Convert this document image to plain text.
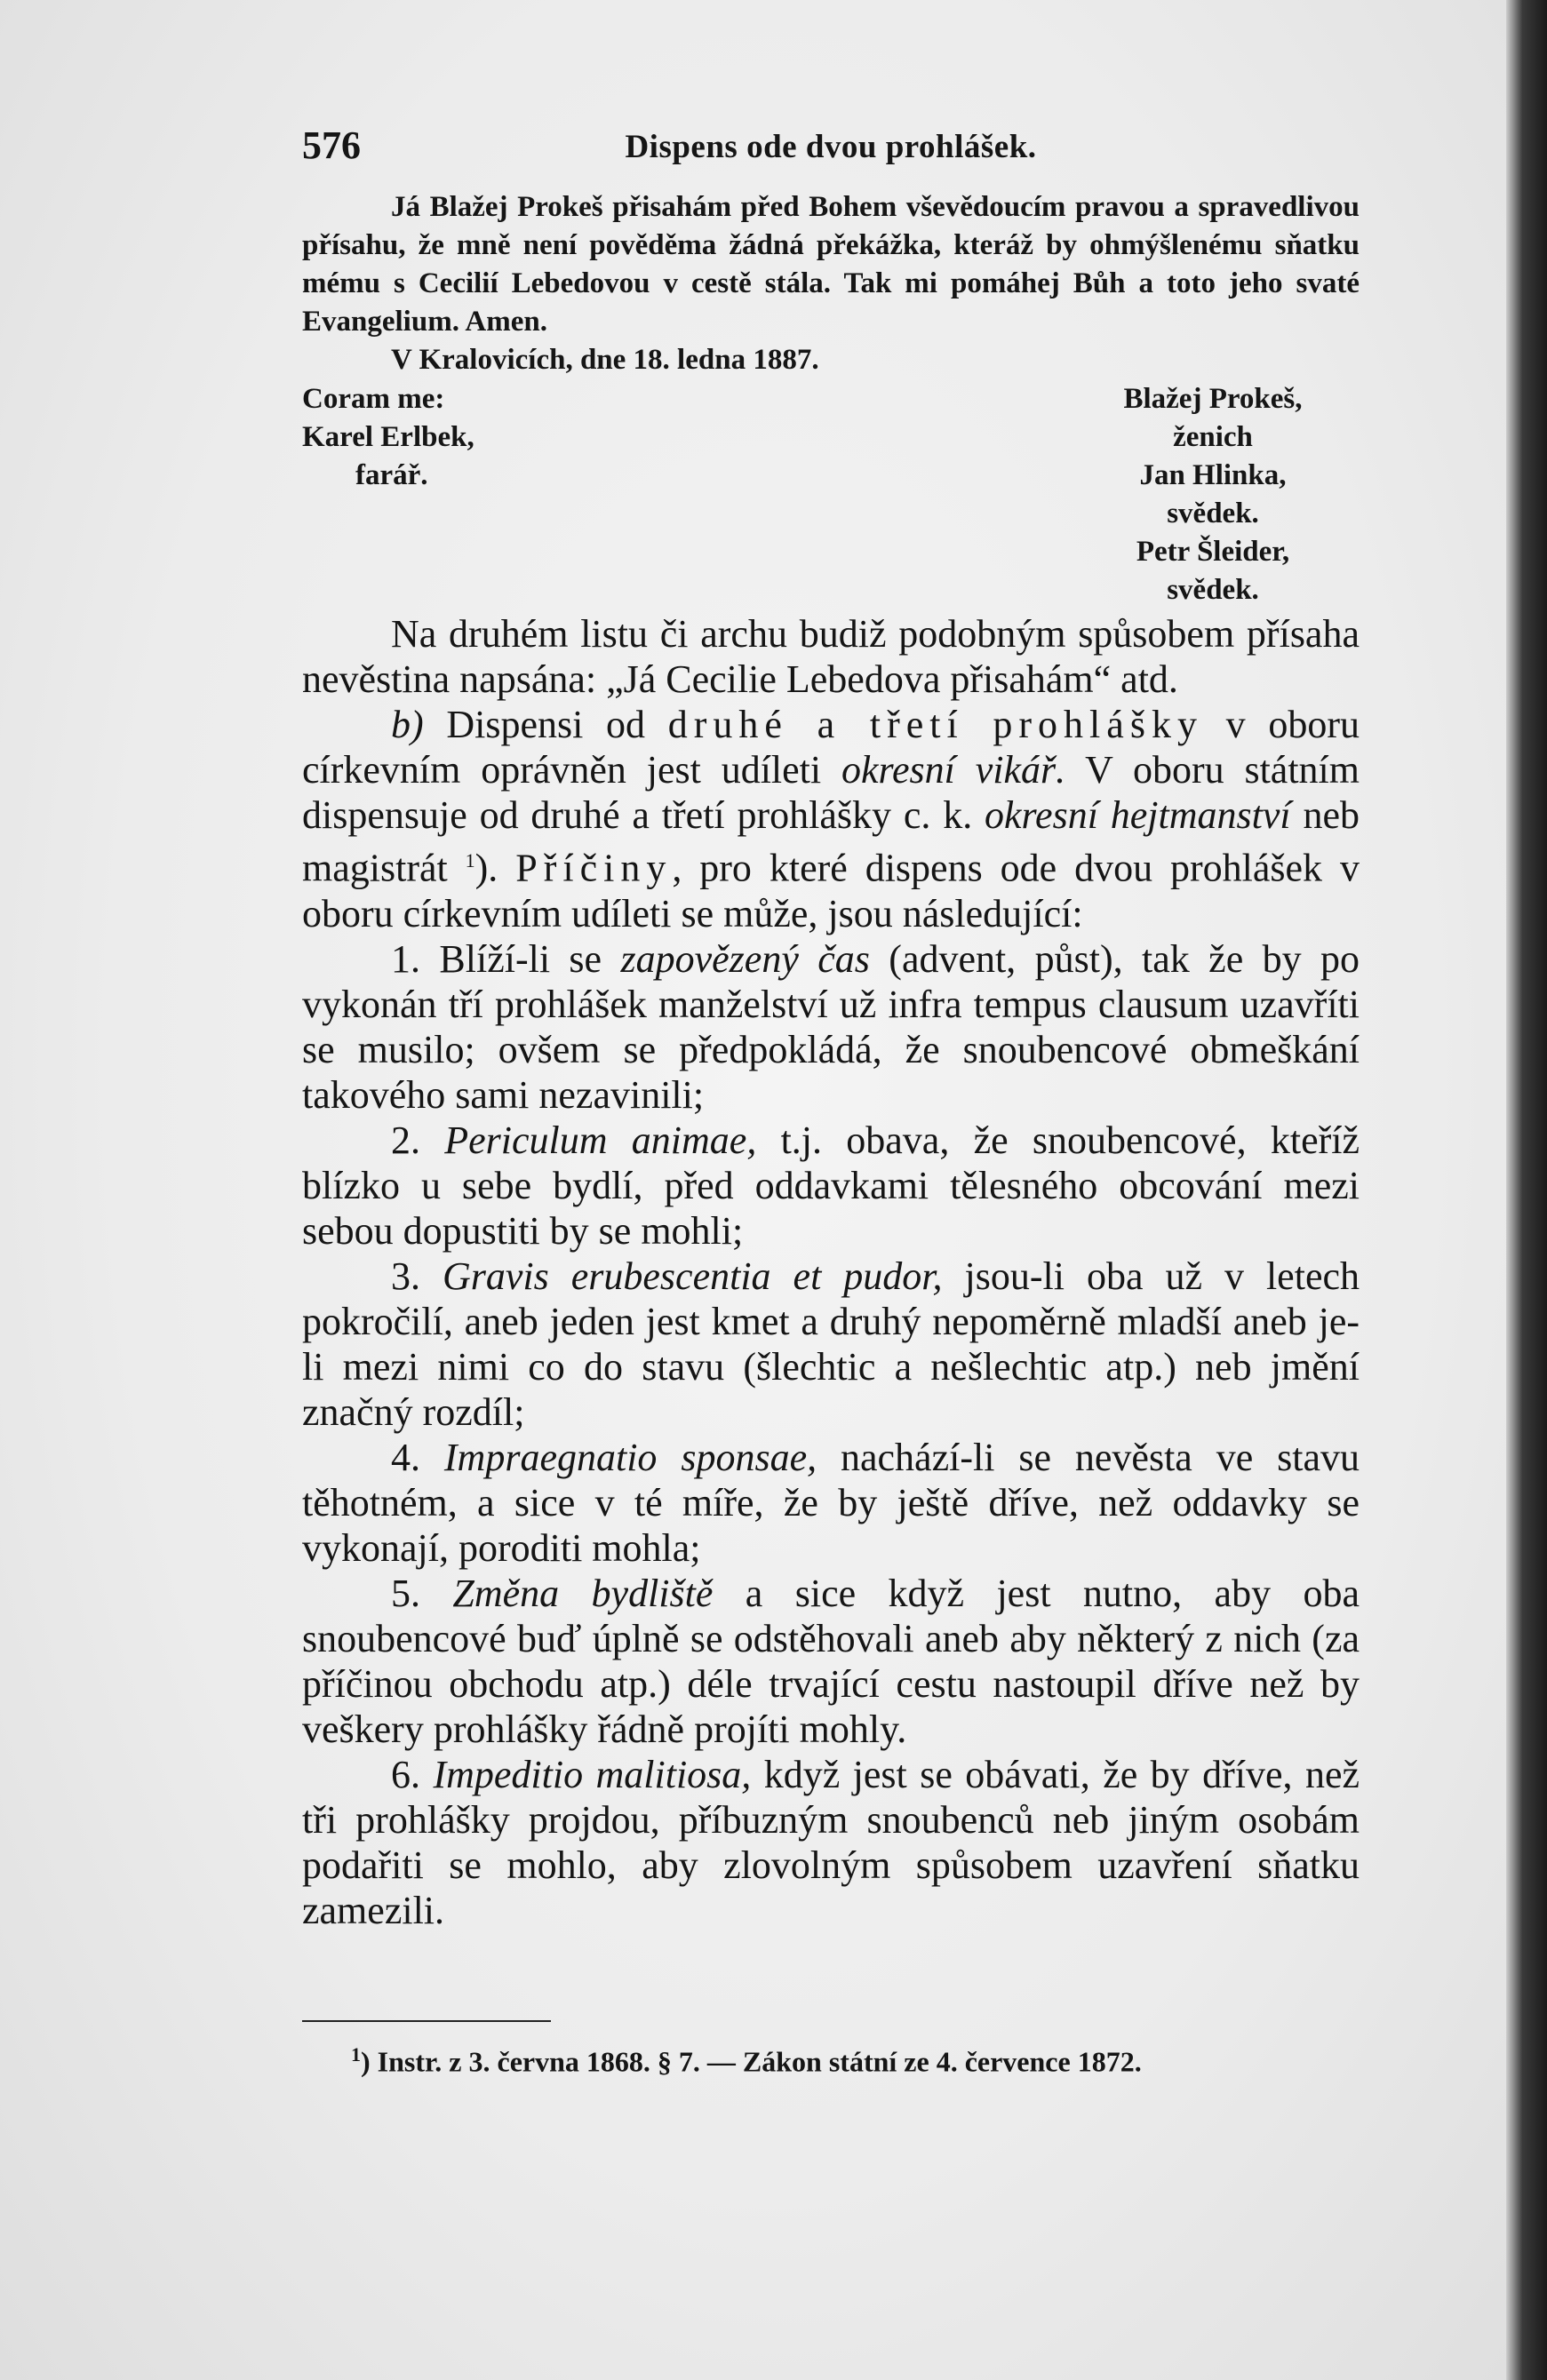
576	Dispens ode dvou prohlášek.

Já Blažej Prokeš přisahám před Bohem vševědoucím pravou a spravedlivou přísahu, že mně není pověděma žádná překážka, kteráž by ohmýšlenému sňatku mému s Cecilií Lebedovou v cestě stála. Tak mi pomáhej Bůh a toto jeho svaté Evangelium. Amen.

V Kralovicích, dne 18. ledna 1887.

Coram me:
Karel Erlbek,
farář.
Blažej Prokeš,
ženich
Jan Hlinka,
svědek.
Petr Šleider,
svědek.

Na druhém listu či archu budiž podobným spůsobem přísaha nevěstina napsána: „Já Cecilie Lebedova přisahám“ atd.

b) Dispensi od druhé a třetí prohlášky v oboru církevním oprávněn jest udíleti okresní vikář. V oboru státním dispensuje od druhé a třetí prohlášky c. k. okresní hejtmanství neb magistrát $^1$). Příčiny, pro které dispens ode dvou prohlášek v oboru církevním udíleti se může, jsou následující:

1. Blíží-li se zapovězený čas (advent, půst), tak že by po vykonán tří prohlášek manželství už infra tempus clausum uzavříti se musilo; ovšem se předpokládá, že snoubencové obmeškání takového sami nezavinili;

2. Periculum animae, t.j. obava, že snoubencové, kteříž blízko u sebe bydlí, před oddavkami tělesného obcování mezi sebou dopustiti by se mohli;

3. Gravis erubescentia et pudor, jsou-li oba už v letech pokročilí, aneb jeden jest kmet a druhý nepoměrně mladší aneb je-li mezi nimi co do stavu (šlechtic a nešlechtic atp.) neb jmění značný rozdíl;

4. Impraegnatio sponsae, nachází-li se nevěsta ve stavu těhotném, a sice v té míře, že by ještě dříve, než oddavky se vykonají, poroditi mohla;

5. Změna bydliště a sice když jest nutno, aby oba snoubencové buď úplně se odstěhovali aneb aby některý z nich (za příčinou obchodu atp.) déle trvající cestu nastoupil dříve než by veškery prohlášky řádně projíti mohly.

6. Impeditio malitiosa, když jest se obávati, že by dříve, než tři prohlášky projdou, příbuzným snoubenců neb jiným osobám podařiti se mohlo, aby zlovolným spůsobem uzavření sňatku zamezili.

$^1$) Instr. z 3. června 1868. § 7. — Zákon státní ze 4. července 1872.
